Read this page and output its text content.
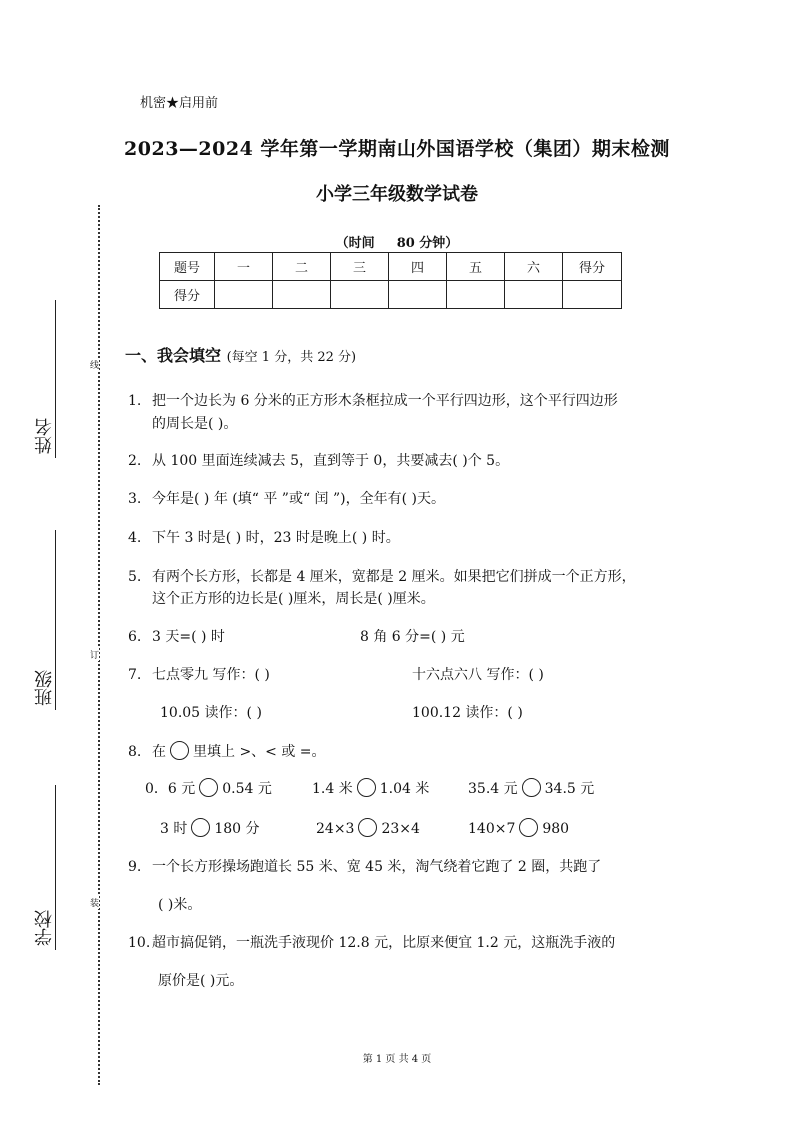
机密★启用前
2023—2024 学年第一学期南山外国语学校（集团）期末检测
小学三年级数学试卷
（时间 80 分钟）
题号	一	二	三	四	五	六	得分
得分							
线
订
装
姓名
班级
学校
一、我会填空 (每空 1 分，共 22 分)
1. 把一个边长为 6 分米的正方形木条框拉成一个平行四边形，这个平行四边形
的周长是( )。
2. 从 100 里面连续减去 5，直到等于 0，共要减去( )个 5。
3. 今年是( ) 年 (填“ 平 ”或“ 闰 ”)，全年有( )天。
4. 下午 3 时是( ) 时，23 时是晚上( ) 时。
5. 有两个长方形，长都是 4 厘米，宽都是 2 厘米。如果把它们拼成一个正方形，
这个正方形的边长是( )厘米，周长是( )厘米。
6. 3 天=( ) 时	8 角 6 分=( ) 元
7. 七点零九 写作：( )	十六点六八 写作：( )
10.05 读作：( )	100.12 读作：( )
8. 在 里填上 >、< 或 =。
0．6 元 0.54 元	1.4 米 1.04 米	35.4 元 34.5 元
3 时 180 分	24×3 23×4	140×7 980
9. 一个长方形操场跑道长 55 米、宽 45 米，淘气绕着它跑了 2 圈，共跑了
( )米。
10. 超市搞促销，一瓶洗手液现价 12.8 元，比原来便宜 1.2 元，这瓶洗手液的
原价是( )元。
第 1 页 共 4 页
